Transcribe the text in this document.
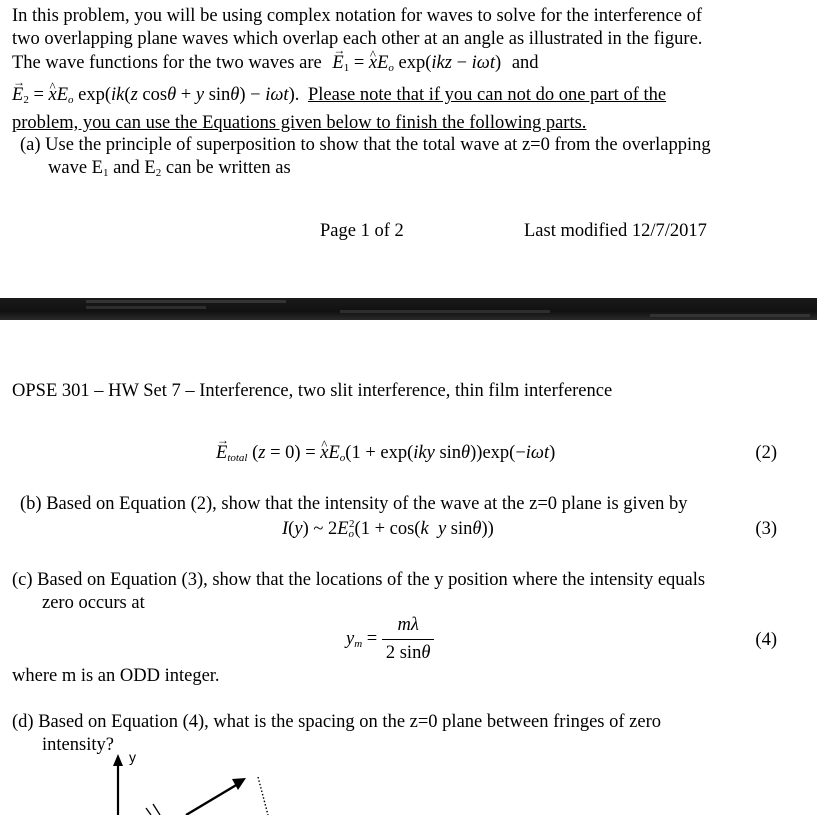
In this problem, you will be using complex notation for waves to solve for the interference of
two overlapping plane waves which overlap each other at an angle as illustrated in the figure.
The wave functions for the two waves are → $E_1$ = ^ $xE_o$ exp(ikz − iωt) and
→ $E_2$ = ^ $xE_o$ exp(ik(z cosθ + y sinθ) − iωt). Please note that if you can not do one part of the
problem, you can use the Equations given below to finish the following parts.
(a) Use the principle of superposition to show that the total wave at z=0 from the overlapping
wave $E_1$ and $E_2$ can be written as
Page 1 of 2	Last modified 12/7/2017
OPSE 301 – HW Set 7 – Interference, two slit interference, thin film interference
→ $E_{total}$ (z = 0) = ^ $xE_o(1 + \exp(iky$ sinθ))exp(−iωt)	(2)
(b) Based on Equation (2), show that the intensity of the wave at the z=0 plane is given by
I(y) ~ $2E_o^2(1 + \cos(k$ y sinθ))	(3)
(c) Based on Equation (3), show that the locations of the y position where the intensity equals
zero occurs at
$y_m = \frac{m\lambda}{2 \sin\theta}$	(4)
where m is an ODD integer.
(d) Based on Equation (4), what is the spacing on the z=0 plane between fringes of zero
intensity?
y
